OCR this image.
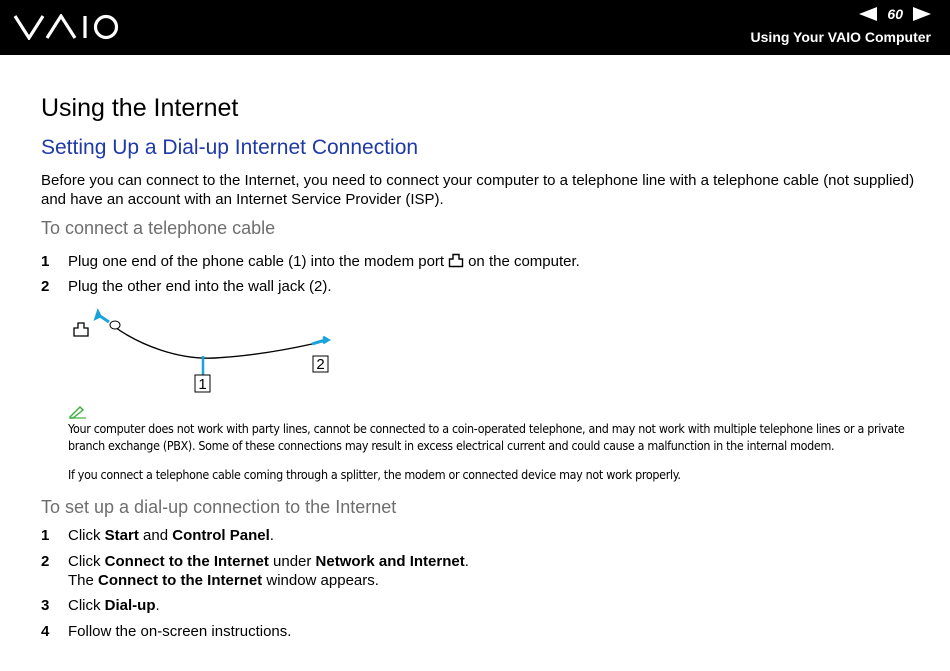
60
Using Your VAIO Computer
Using the Internet
Setting Up a Dial-up Internet Connection

Before you can connect to the Internet, you need to connect your computer to a telephone line with a telephone cable (not supplied) and have an account with an Internet Service Provider (ISP).

To connect a telephone cable
1 Plug one end of the phone cable (1) into the modem port on the computer.
2 Plug the other end into the wall jack (2).
1
2

Your computer does not work with party lines, cannot be connected to a coin-operated telephone, and may not work with multiple telephone lines or a private branch exchange (PBX). Some of these connections may result in excess electrical current and could cause a malfunction in the internal modem.

If you connect a telephone cable coming through a splitter, the modem or connected device may not work properly.

To set up a dial-up connection to the Internet
1 Click Start and Control Panel.
2 Click Connect to the Internet under Network and Internet.
The Connect to the Internet window appears.
3 Click Dial-up.
4 Follow the on-screen instructions.
